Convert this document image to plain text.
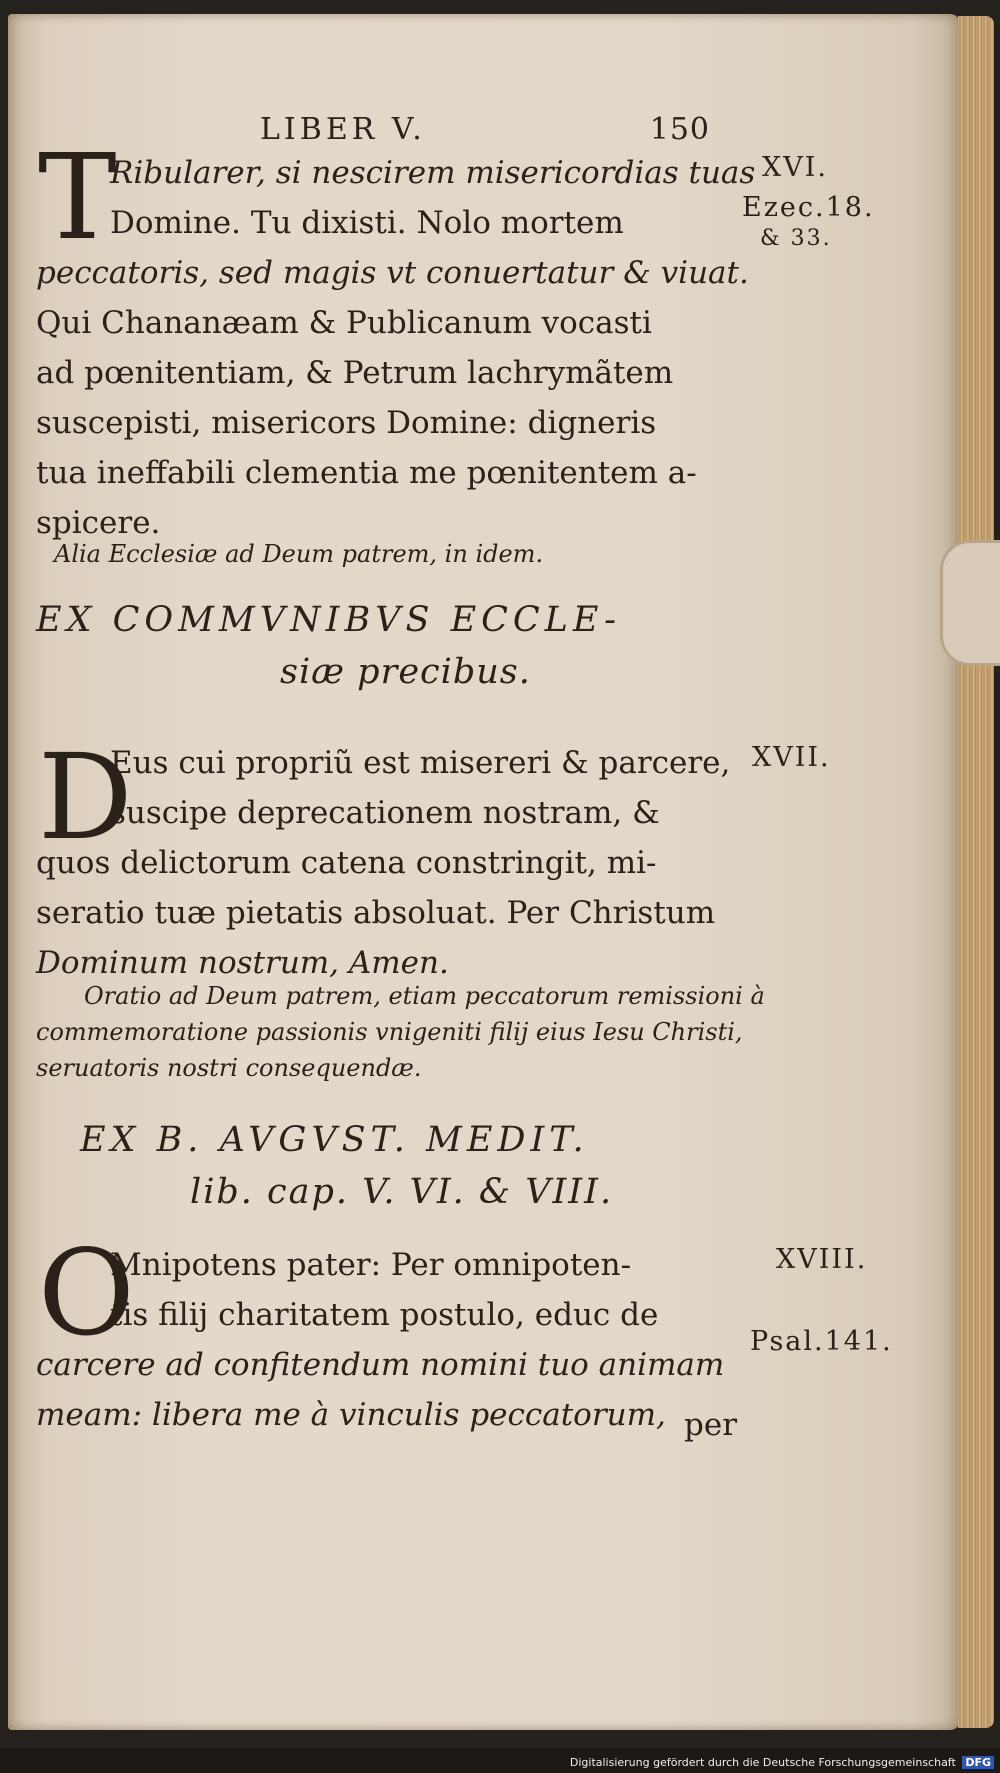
LIBER V.	150
T
Ribularer, si nescirem misericordias tuas
Domine. Tu dixisti. Nolo mortem
peccatoris, sed magis vt conuertatur & viuat.
Qui Chananæam & Publicanum vocasti
ad pœnitentiam, & Petrum lachrymãtem
suscepisti, misericors Domine: digneris
tua ineffabili clementia me pœnitentem a-
spicere.
XVI.
Ezec.18.
& 33.
Alia Ecclesiæ ad Deum patrem, in idem.
EX COMMVNIBVS ECCLE-
siæ precibus.
D
Eus cui propriũ est misereri & parcere,
suscipe deprecationem nostram, &
quos delictorum catena constringit, mi-
seratio tuæ pietatis absoluat. Per Christum
Dominum nostrum, Amen.
XVII.
Oratio ad Deum patrem, etiam peccatorum remissioni à
commemoratione passionis vnigeniti filij eius Iesu Christi,
seruatoris nostri consequendæ.
EX B. AVGVST. MEDIT.
lib. cap. V. VI. & VIII.
O
Mnipotens pater: Per omnipoten-
tis filij charitatem postulo, educ de
carcere ad confitendum nomini tuo animam
meam: libera me à vinculis peccatorum, per
XVIII.
Psal.141.
Digitalisierung gefördert durch die Deutsche Forschungsgemeinschaft DFG
